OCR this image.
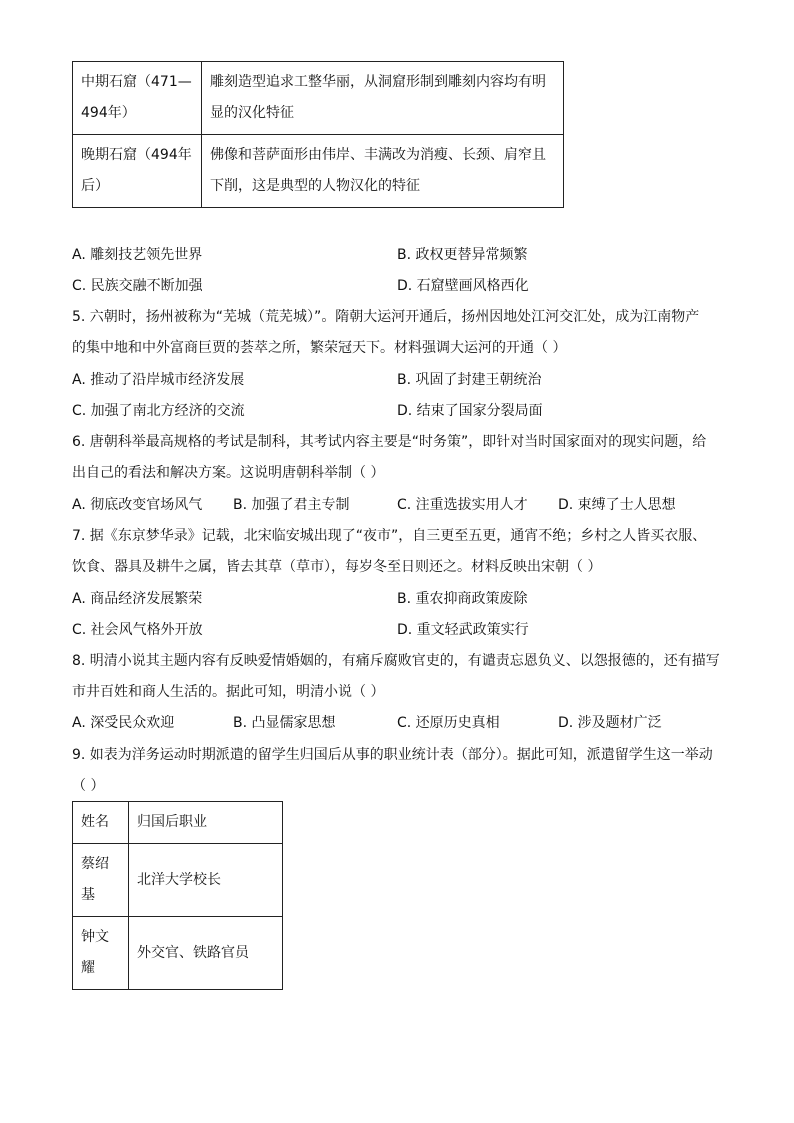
中期石窟（471—494年）	雕刻造型追求工整华丽，从洞窟形制到雕刻内容均有明显的汉化特征
晚期石窟（494年后）	佛像和菩萨面形由伟岸、丰满改为消瘦、长颈、肩窄且下削，这是典型的人物汉化的特征
A. 雕刻技艺领先世界	B. 政权更替异常频繁
C. 民族交融不断加强	D. 石窟壁画风格西化
5. 六朝时，扬州被称为“芜城（荒芜城）”。隋朝大运河开通后，扬州因地处江河交汇处，成为江南物产
的集中地和中外富商巨贾的荟萃之所，繁荣冠天下。材料强调大运河的开通（ ）
A. 推动了沿岸城市经济发展	B. 巩固了封建王朝统治
C. 加强了南北方经济的交流	D. 结束了国家分裂局面
6. 唐朝科举最高规格的考试是制科，其考试内容主要是“时务策”，即针对当时国家面对的现实问题，给
出自己的看法和解决方案。这说明唐朝科举制（ ）
A. 彻底改变官场风气 B. 加强了君主专制	C. 注重选拔实用人才 D. 束缚了士人思想
7. 据《东京梦华录》记载，北宋临安城出现了“夜市”，自三更至五更，通宵不绝；乡村之人皆买衣服、
饮食、器具及耕牛之属，皆去其草（草市），每岁冬至日则还之。材料反映出宋朝（ ）
A. 商品经济发展繁荣	B. 重农抑商政策废除
C. 社会风气格外开放	D. 重文轻武政策实行
8. 明清小说其主题内容有反映爱情婚姻的，有痛斥腐败官吏的，有谴责忘恩负义、以怨报德的，还有描写
市井百姓和商人生活的。据此可知，明清小说（ ）
A. 深受民众欢迎	B. 凸显儒家思想	C. 还原历史真相	D. 涉及题材广泛
9. 如表为洋务运动时期派遣的留学生归国后从事的职业统计表（部分）。据此可知，派遣留学生这一举动
（ ）
姓名	归国后职业
蔡绍基	北洋大学校长
钟文耀	外交官、铁路官员
